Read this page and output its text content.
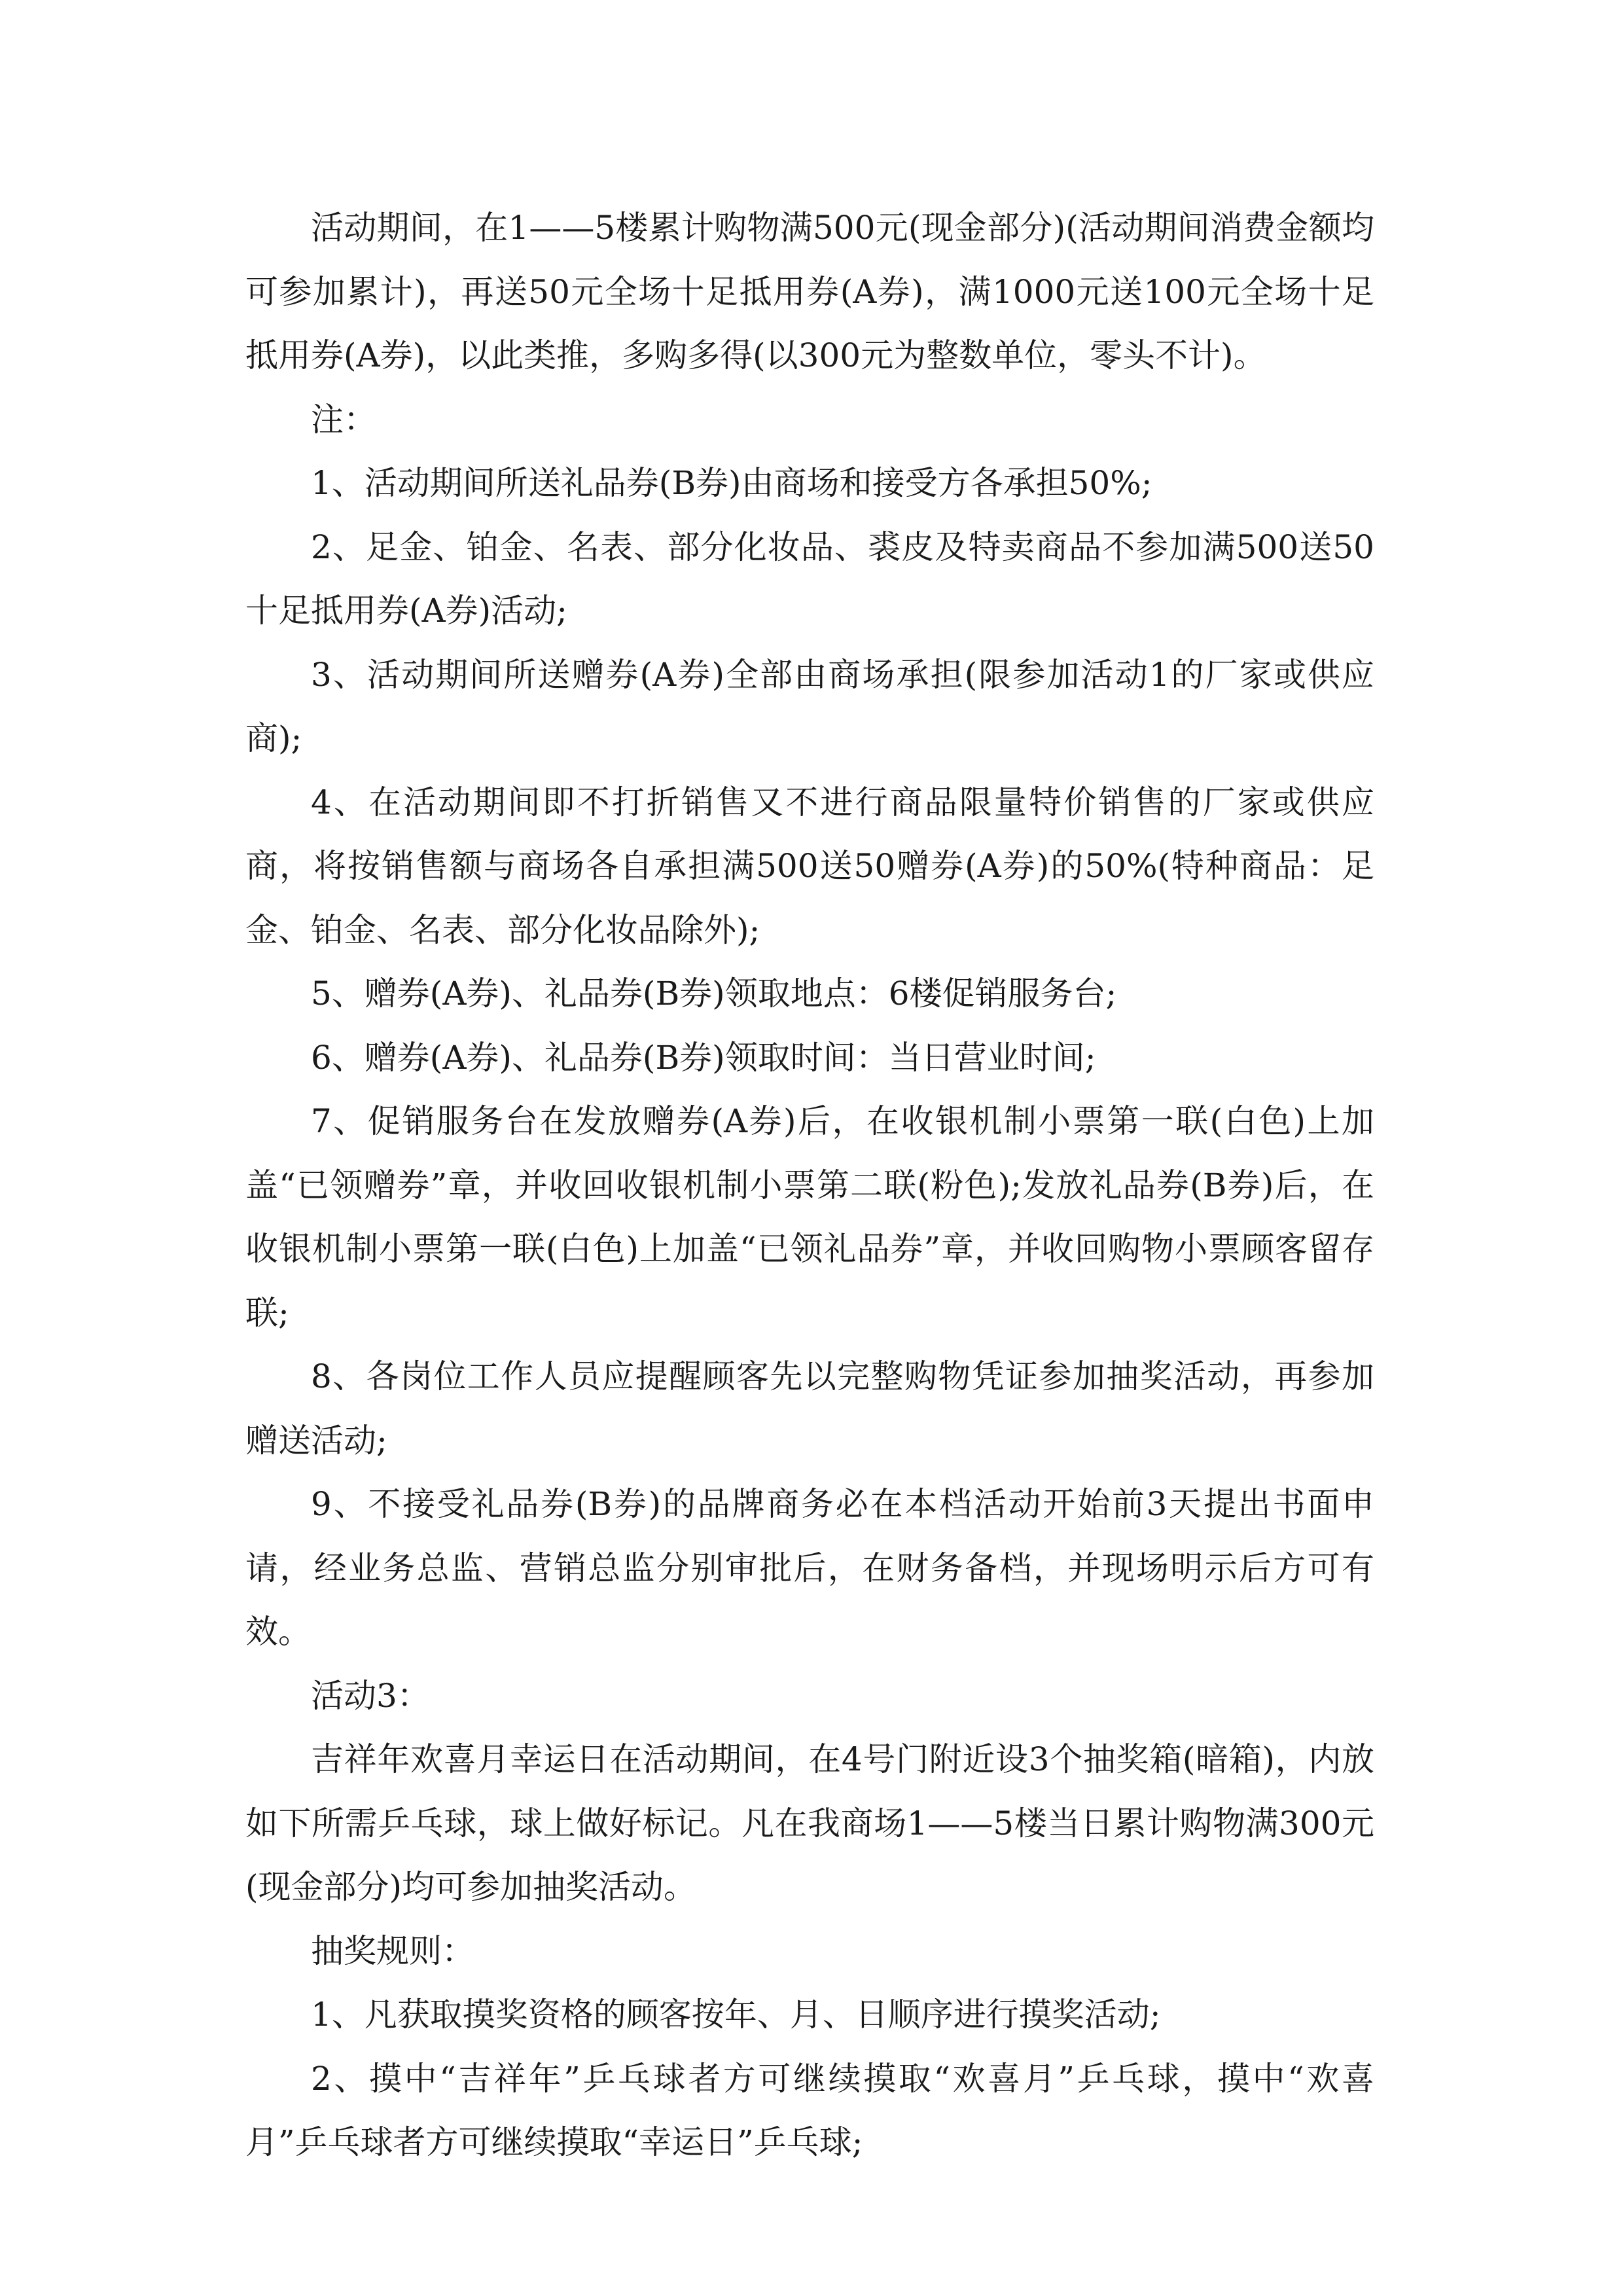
活动期间，在1——5楼累计购物满500元(现金部分)(活动期间消费金额均可参加累计)，再送50元全场十足抵用券(A券)，满1000元送100元全场十足抵用券(A券)，以此类推，多购多得(以300元为整数单位，零头不计)。

注：

1、活动期间所送礼品券(B券)由商场和接受方各承担50%;

2、足金、铂金、名表、部分化妆品、裘皮及特卖商品不参加满500送50十足抵用券(A券)活动;

3、活动期间所送赠券(A券)全部由商场承担(限参加活动1的厂家或供应商);

4、在活动期间即不打折销售又不进行商品限量特价销售的厂家或供应商，将按销售额与商场各自承担满500送50赠券(A券)的50%(特种商品：足金、铂金、名表、部分化妆品除外);

5、赠券(A券)、礼品券(B券)领取地点：6楼促销服务台;

6、赠券(A券)、礼品券(B券)领取时间：当日营业时间;

7、促销服务台在发放赠券(A券)后，在收银机制小票第一联(白色)上加盖“已领赠券”章，并收回收银机制小票第二联(粉色);发放礼品券(B券)后，在收银机制小票第一联(白色)上加盖“已领礼品券”章，并收回购物小票顾客留存联;

8、各岗位工作人员应提醒顾客先以完整购物凭证参加抽奖活动，再参加赠送活动;

9、不接受礼品券(B券)的品牌商务必在本档活动开始前3天提出书面申请，经业务总监、营销总监分别审批后，在财务备档，并现场明示后方可有效。

活动3：

吉祥年欢喜月幸运日在活动期间，在4号门附近设3个抽奖箱(暗箱)，内放如下所需乒乓球，球上做好标记。凡在我商场1——5楼当日累计购物满300元(现金部分)均可参加抽奖活动。

抽奖规则：

1、凡获取摸奖资格的顾客按年、月、日顺序进行摸奖活动;

2、摸中“吉祥年”乒乓球者方可继续摸取“欢喜月”乒乓球，摸中“欢喜月”乒乓球者方可继续摸取“幸运日”乒乓球;
